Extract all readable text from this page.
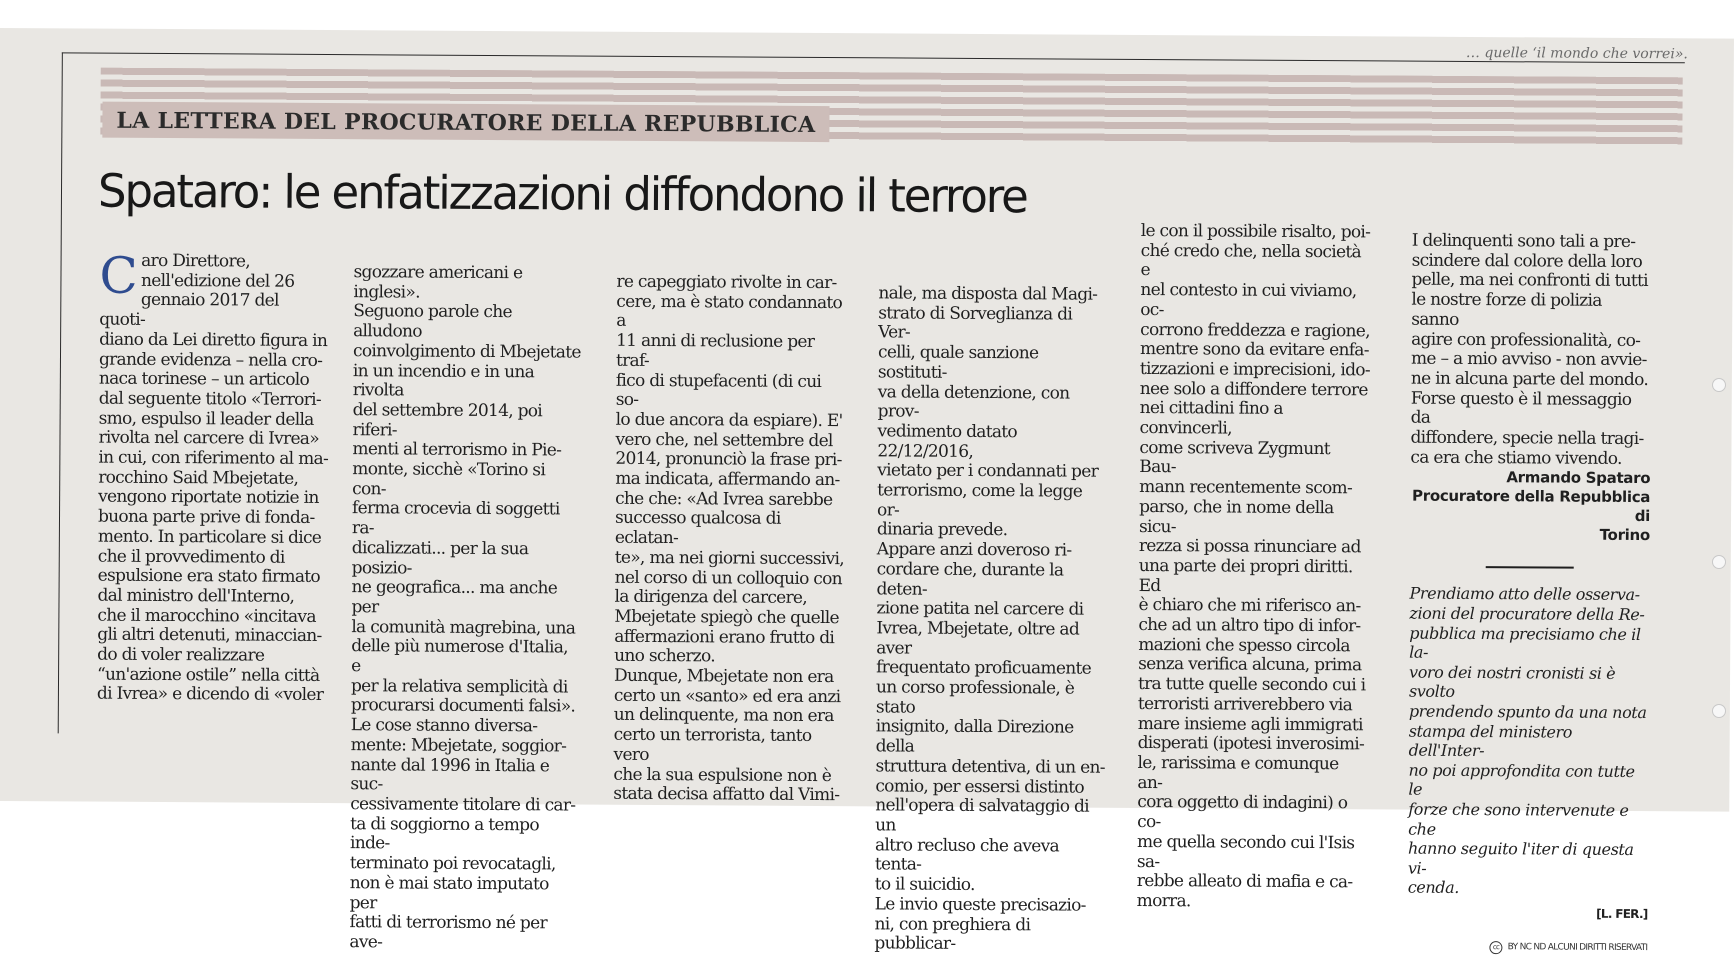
… quelle ‘il mondo che vorrei».
LA LETTERA DEL PROCURATORE DELLA REPUBBLICA
Spataro: le enfatizzazioni diffondono il terrore
C aro Direttore,
nell'edizione del 26
gennaio 2017 del quoti-
diano da Lei diretto figura in
grande evidenza – nella cro-
naca torinese – un articolo
dal seguente titolo «Terrori-
smo, espulso il leader della
rivolta nel carcere di Ivrea»
in cui, con riferimento al ma-
rocchino Said Mbejetate,
vengono riportate notizie in
buona parte prive di fonda-
mento. In particolare si dice
che il provvedimento di
espulsione era stato firmato
dal ministro dell'Interno,
che il marocchino «incitava
gli altri detenuti, minaccian-
do di voler realizzare
“un'azione ostile” nella città
di Ivrea» e dicendo di «voler

sgozzare americani e inglesi».
Seguono parole che alludono
coinvolgimento di Mbejetate
in un incendio e in una rivolta
del settembre 2014, poi riferi-
menti al terrorismo in Pie-
monte, sicchè «Torino si con-
ferma crocevia di soggetti ra-
dicalizzati... per la sua posizio-
ne geografica... ma anche per
la comunità magrebina, una
delle più numerose d'Italia, e
per la relativa semplicità di
procurarsi documenti falsi».
Le cose stanno diversa-
mente: Mbejetate, soggior-
nante dal 1996 in Italia e suc-
cessivamente titolare di car-
ta di soggiorno a tempo inde-
terminato poi revocatagli,
non è mai stato imputato per
fatti di terrorismo né per ave-

re capeggiato rivolte in car-
cere, ma è stato condannato a
11 anni di reclusione per traf-
fico di stupefacenti (di cui so-
lo due ancora da espiare). E'
vero che, nel settembre del
2014, pronunciò la frase pri-
ma indicata, affermando an-
che che: «Ad Ivrea sarebbe
successo qualcosa di eclatan-
te», ma nei giorni successivi,
nel corso di un colloquio con
la dirigenza del carcere,
Mbejetate spiegò che quelle
affermazioni erano frutto di
uno scherzo.
Dunque, Mbejetate non era
certo un «santo» ed era anzi
un delinquente, ma non era
certo un terrorista, tanto vero
che la sua espulsione non è
stata decisa affatto dal Vimi-

nale, ma disposta dal Magi-
strato di Sorveglianza di Ver-
celli, quale sanzione sostituti-
va della detenzione, con prov-
vedimento datato 22/12/2016,
vietato per i condannati per
terrorismo, come la legge or-
dinaria prevede.
Appare anzi doveroso ri-
cordare che, durante la deten-
zione patita nel carcere di
Ivrea, Mbejetate, oltre ad aver
frequentato proficuamente
un corso professionale, è stato
insignito, dalla Direzione della
struttura detentiva, di un en-
comio, per essersi distinto
nell'opera di salvataggio di un
altro recluso che aveva tenta-
to il suicidio.
Le invio queste precisazio-
ni, con preghiera di pubblicar-

le con il possibile risalto, poi-
ché credo che, nella società e
nel contesto in cui viviamo, oc-
corrono freddezza e ragione,
mentre sono da evitare enfa-
tizzazioni e imprecisioni, ido-
nee solo a diffondere terrore
nei cittadini fino a convincerli,
come scriveva Zygmunt Bau-
mann recentemente scom-
parso, che in nome della sicu-
rezza si possa rinunciare ad
una parte dei propri diritti. Ed
è chiaro che mi riferisco an-
che ad un altro tipo di infor-
mazioni che spesso circola
senza verifica alcuna, prima
tra tutte quelle secondo cui i
terroristi arriverebbero via
mare insieme agli immigrati
disperati (ipotesi inverosimi-
le, rarissima e comunque an-
cora oggetto di indagini) o co-
me quella secondo cui l'Isis sa-
rebbe alleato di mafia e ca-
morra.

I delinquenti sono tali a pre-
scindere dal colore della loro
pelle, ma nei confronti di tutti
le nostre forze di polizia sanno
agire con professionalità, co-
me – a mio avviso - non avvie-
ne in alcuna parte del mondo.
Forse questo è il messaggio da
diffondere, specie nella tragi-
ca era che stiamo vivendo.

Armando Spataro
Procuratore della Repubblica di
Torino

Prendiamo atto delle osserva-
zioni del procuratore della Re-
pubblica ma precisiamo che il la-
voro dei nostri cronisti si è svolto
prendendo spunto da una nota
stampa del ministero dell'Inter-
no poi approfondita con tutte le
forze che sono intervenute e che
hanno seguito l'iter di questa vi-
cenda.

[L. FER.]
cc BY NC ND ALCUNI DIRITTI RISERVATI
